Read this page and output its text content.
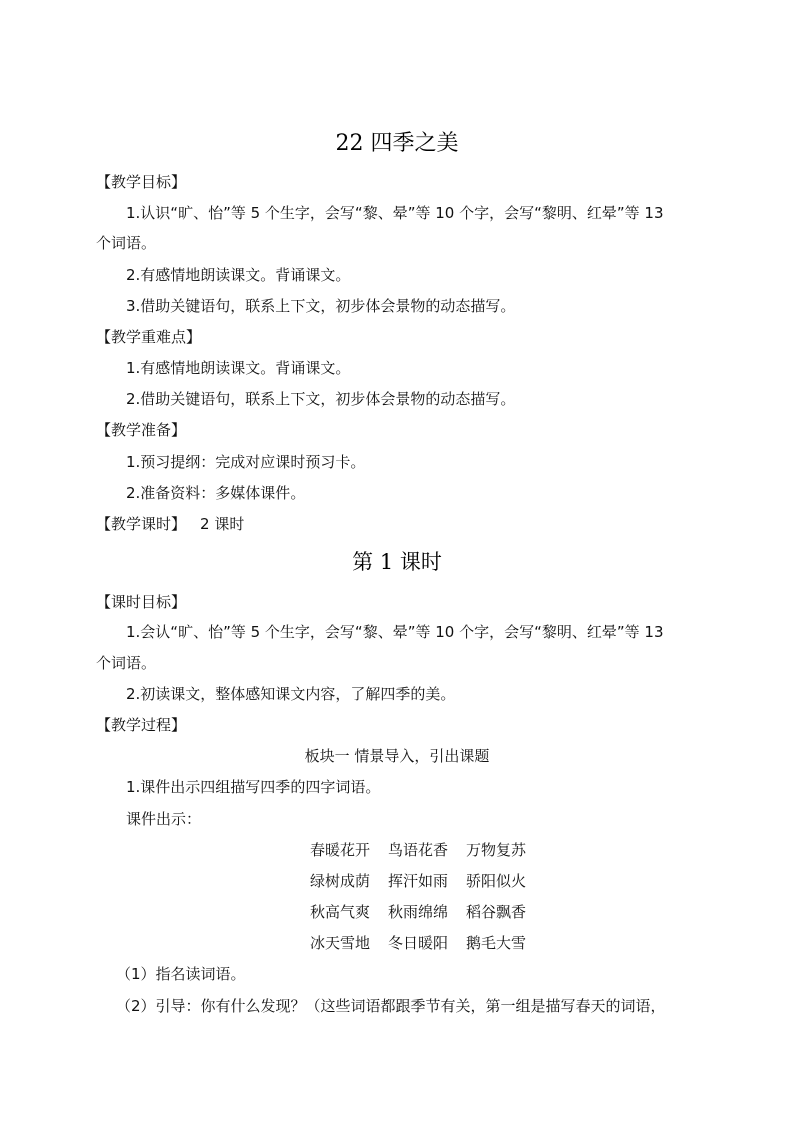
22 四季之美
【教学目标】
1.认识“旷、怡”等 5 个生字，会写“黎、晕”等 10 个字，会写“黎明、红晕”等 13
个词语。
2.有感情地朗读课文。背诵课文。
3.借助关键语句，联系上下文，初步体会景物的动态描写。
【教学重难点】
1.有感情地朗读课文。背诵课文。
2.借助关键语句，联系上下文，初步体会景物的动态描写。
【教学准备】
1.预习提纲：完成对应课时预习卡。
2.准备资料：多媒体课件。
【教学课时】 2 课时
第 1 课时
【课时目标】
1.会认“旷、怡”等 5 个生字，会写“黎、晕”等 10 个字，会写“黎明、红晕”等 13
个词语。
2.初读课文，整体感知课文内容，了解四季的美。
【教学过程】
板块一 情景导入，引出课题
1.课件出示四组描写四季的四字词语。
课件出示：
春暖花开 鸟语花香 万物复苏
绿树成荫 挥汗如雨 骄阳似火
秋高气爽 秋雨绵绵 稻谷飘香
冰天雪地 冬日暖阳 鹅毛大雪
（1）指名读词语。
（2）引导：你有什么发现？（这些词语都跟季节有关，第一组是描写春天的词语，
